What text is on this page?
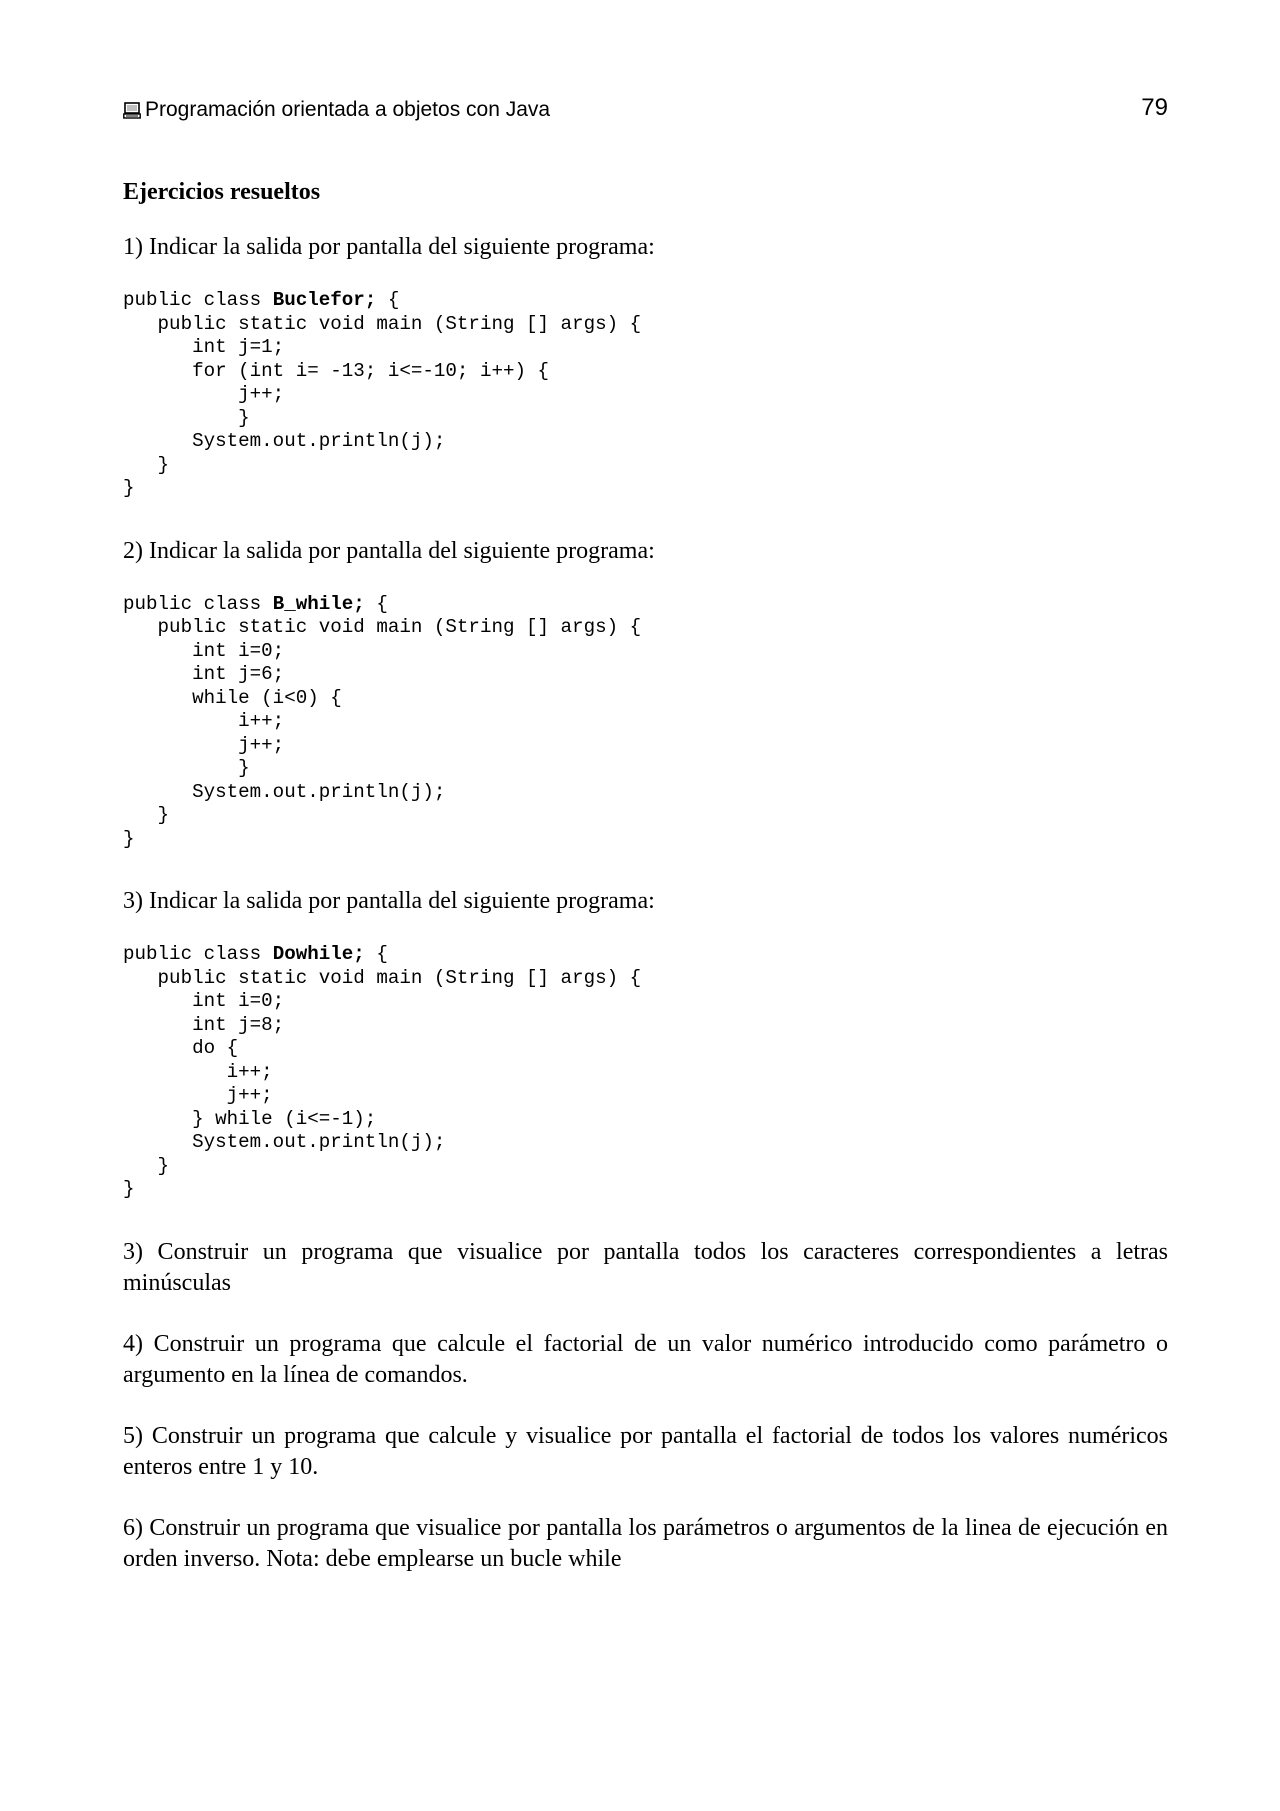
Programación orientada a objetos con Java	79
Ejercicios resueltos
1) Indicar la salida por pantalla del siguiente programa:
public class Buclefor; {
public static void main (String [] args) {
int j=1;
for (int i= -13; i<=-10; i++) {
j++;
}
System.out.println(j);
}
}
2) Indicar la salida por pantalla del siguiente programa:
public class B_while; {
public static void main (String [] args) {
int i=0;
int j=6;
while (i<0) {
i++;
j++;
}
System.out.println(j);
}
}
3) Indicar la salida por pantalla del siguiente programa:
public class Dowhile; {
public static void main (String [] args) {
int i=0;
int j=8;
do {
i++;
j++;
} while (i<=-1);
System.out.println(j);
}
}

3) Construir un programa que visualice por pantalla todos los caracteres correspondientes a letras minúsculas

4) Construir un programa que calcule el factorial de un valor numérico introducido como parámetro o argumento en la línea de comandos.

5) Construir un programa que calcule y visualice por pantalla el factorial de todos los valores numéricos enteros entre 1 y 10.

6) Construir un programa que visualice por pantalla los parámetros o argumentos de la linea de ejecución en orden inverso. Nota: debe emplearse un bucle while
